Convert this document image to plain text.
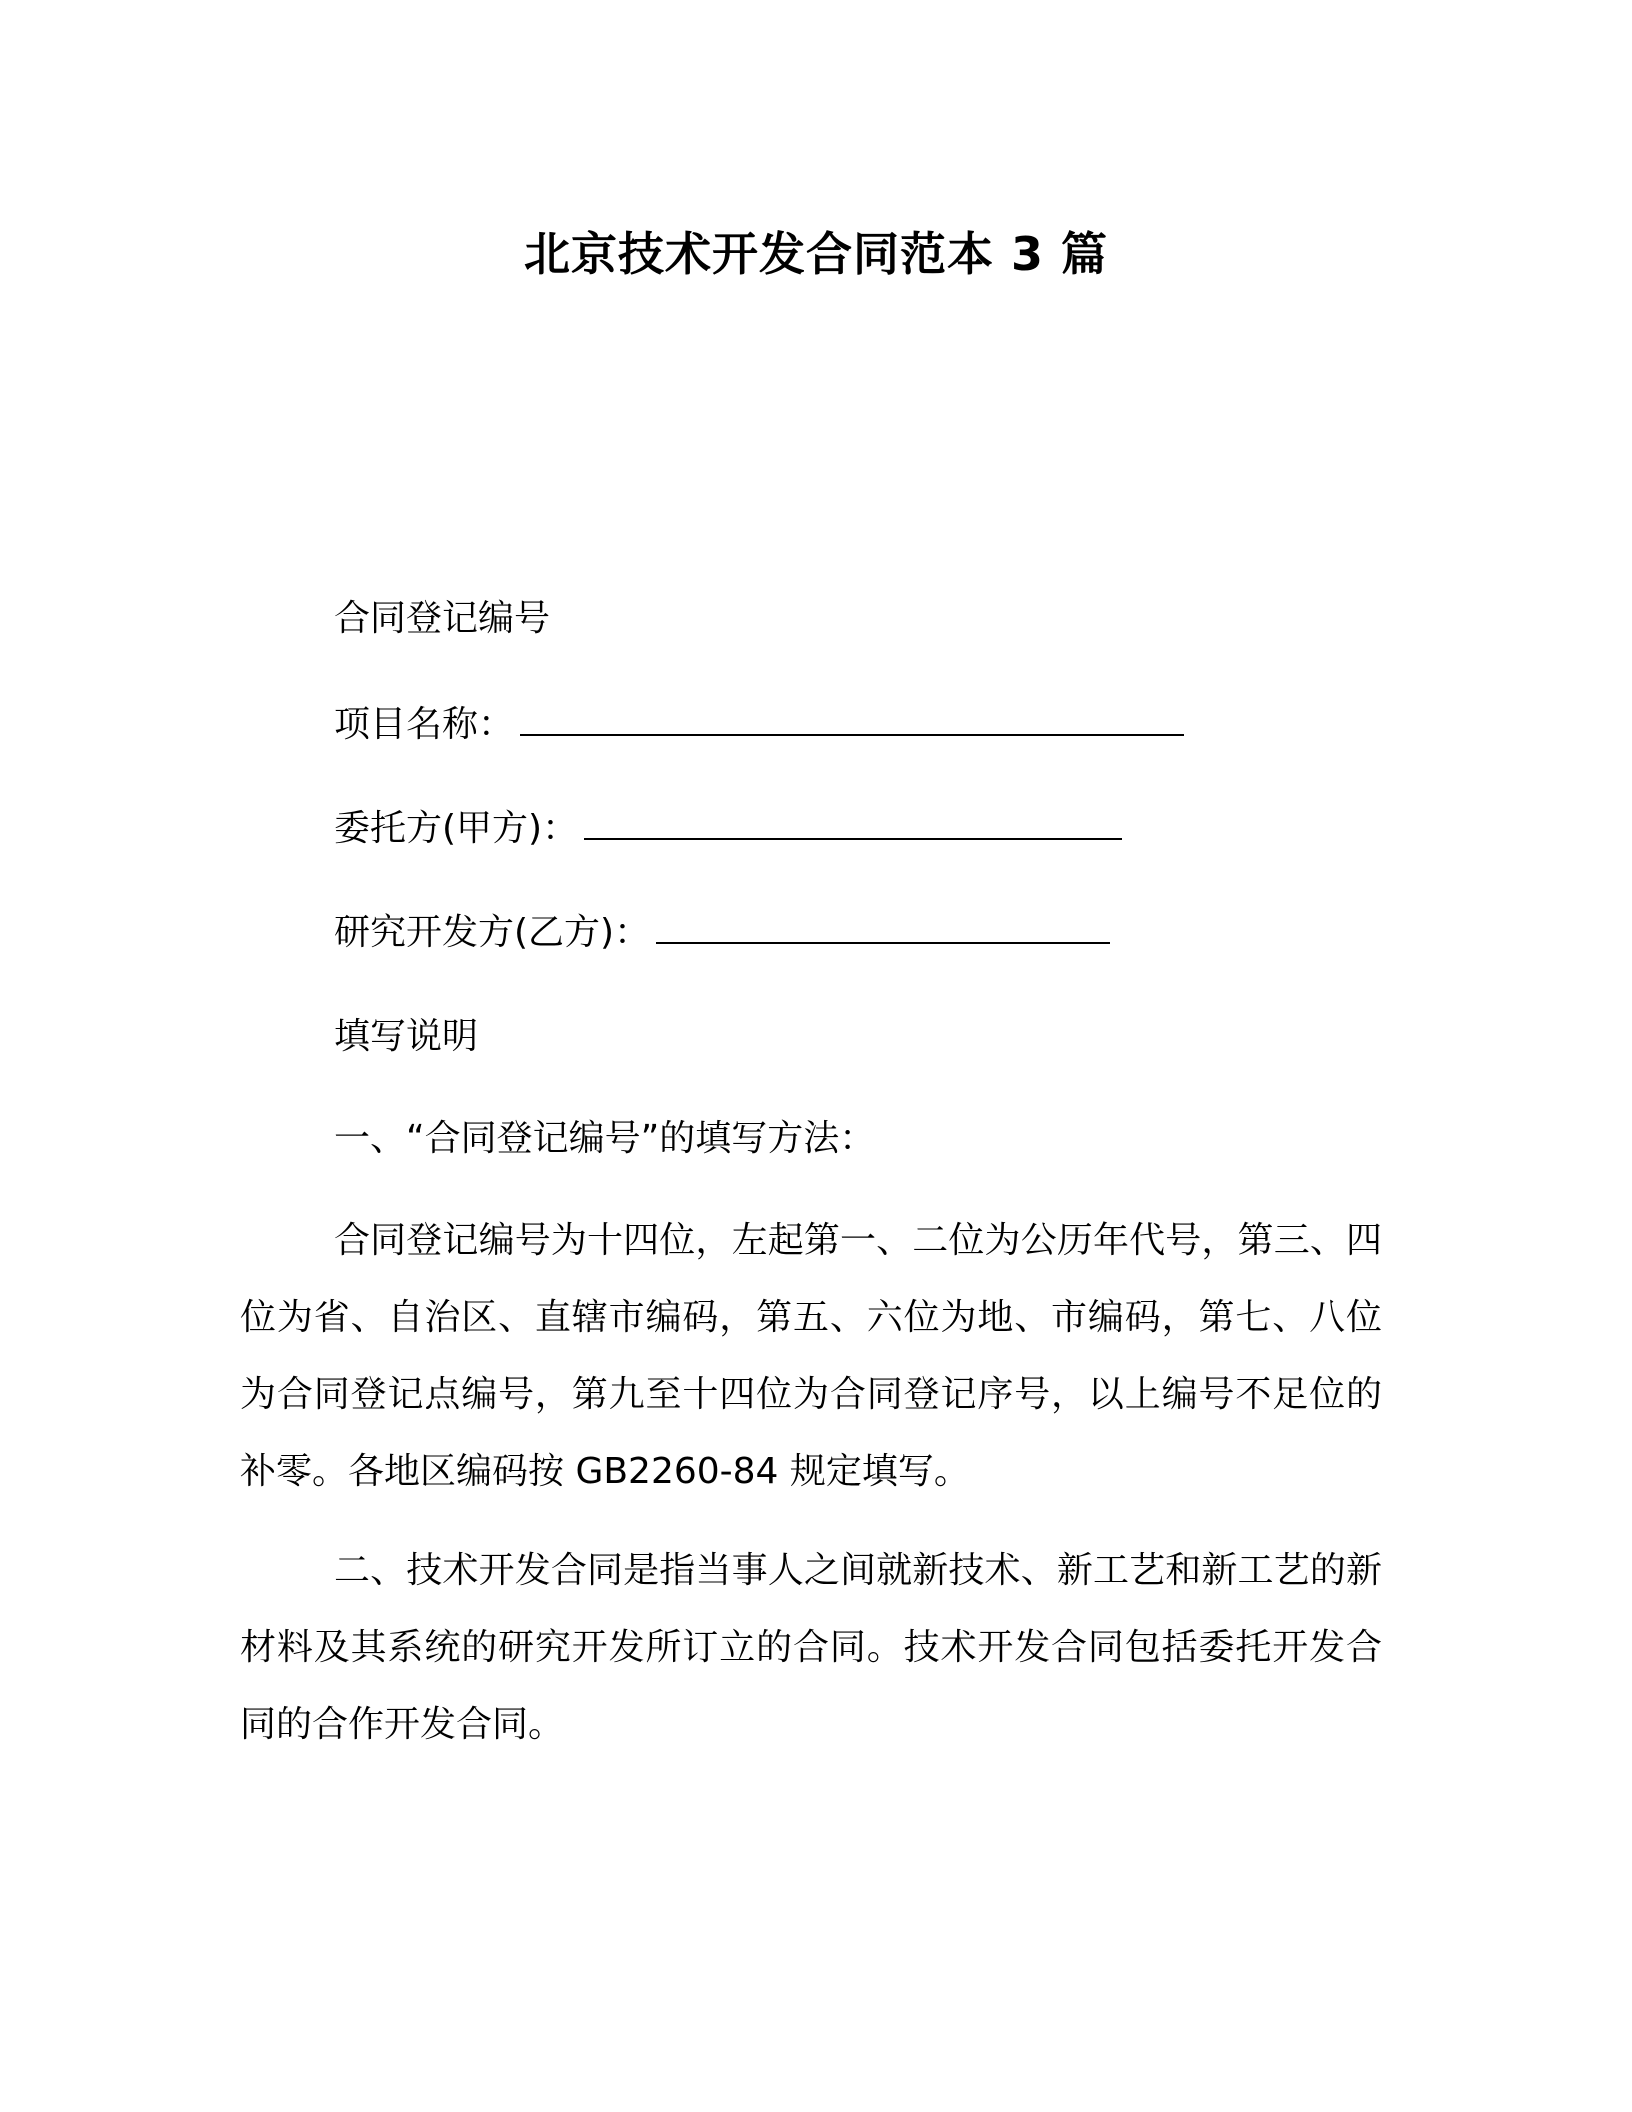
北京技术开发合同范本 3 篇
合同登记编号
项目名称：
委托方(甲方)：
研究开发方(乙方)：
填写说明
一、“合同登记编号”的填写方法：
合同登记编号为十四位，左起第一、二位为公历年代号，第三、四位为省、自治区、直辖市编码，第五、六位为地、市编码，第七、八位为合同登记点编号，第九至十四位为合同登记序号，以上编号不足位的补零。各地区编码按 GB2260-84 规定填写。
二、技术开发合同是指当事人之间就新技术、新工艺和新工艺的新材料及其系统的研究开发所订立的合同。技术开发合同包括委托开发合同的合作开发合同。
